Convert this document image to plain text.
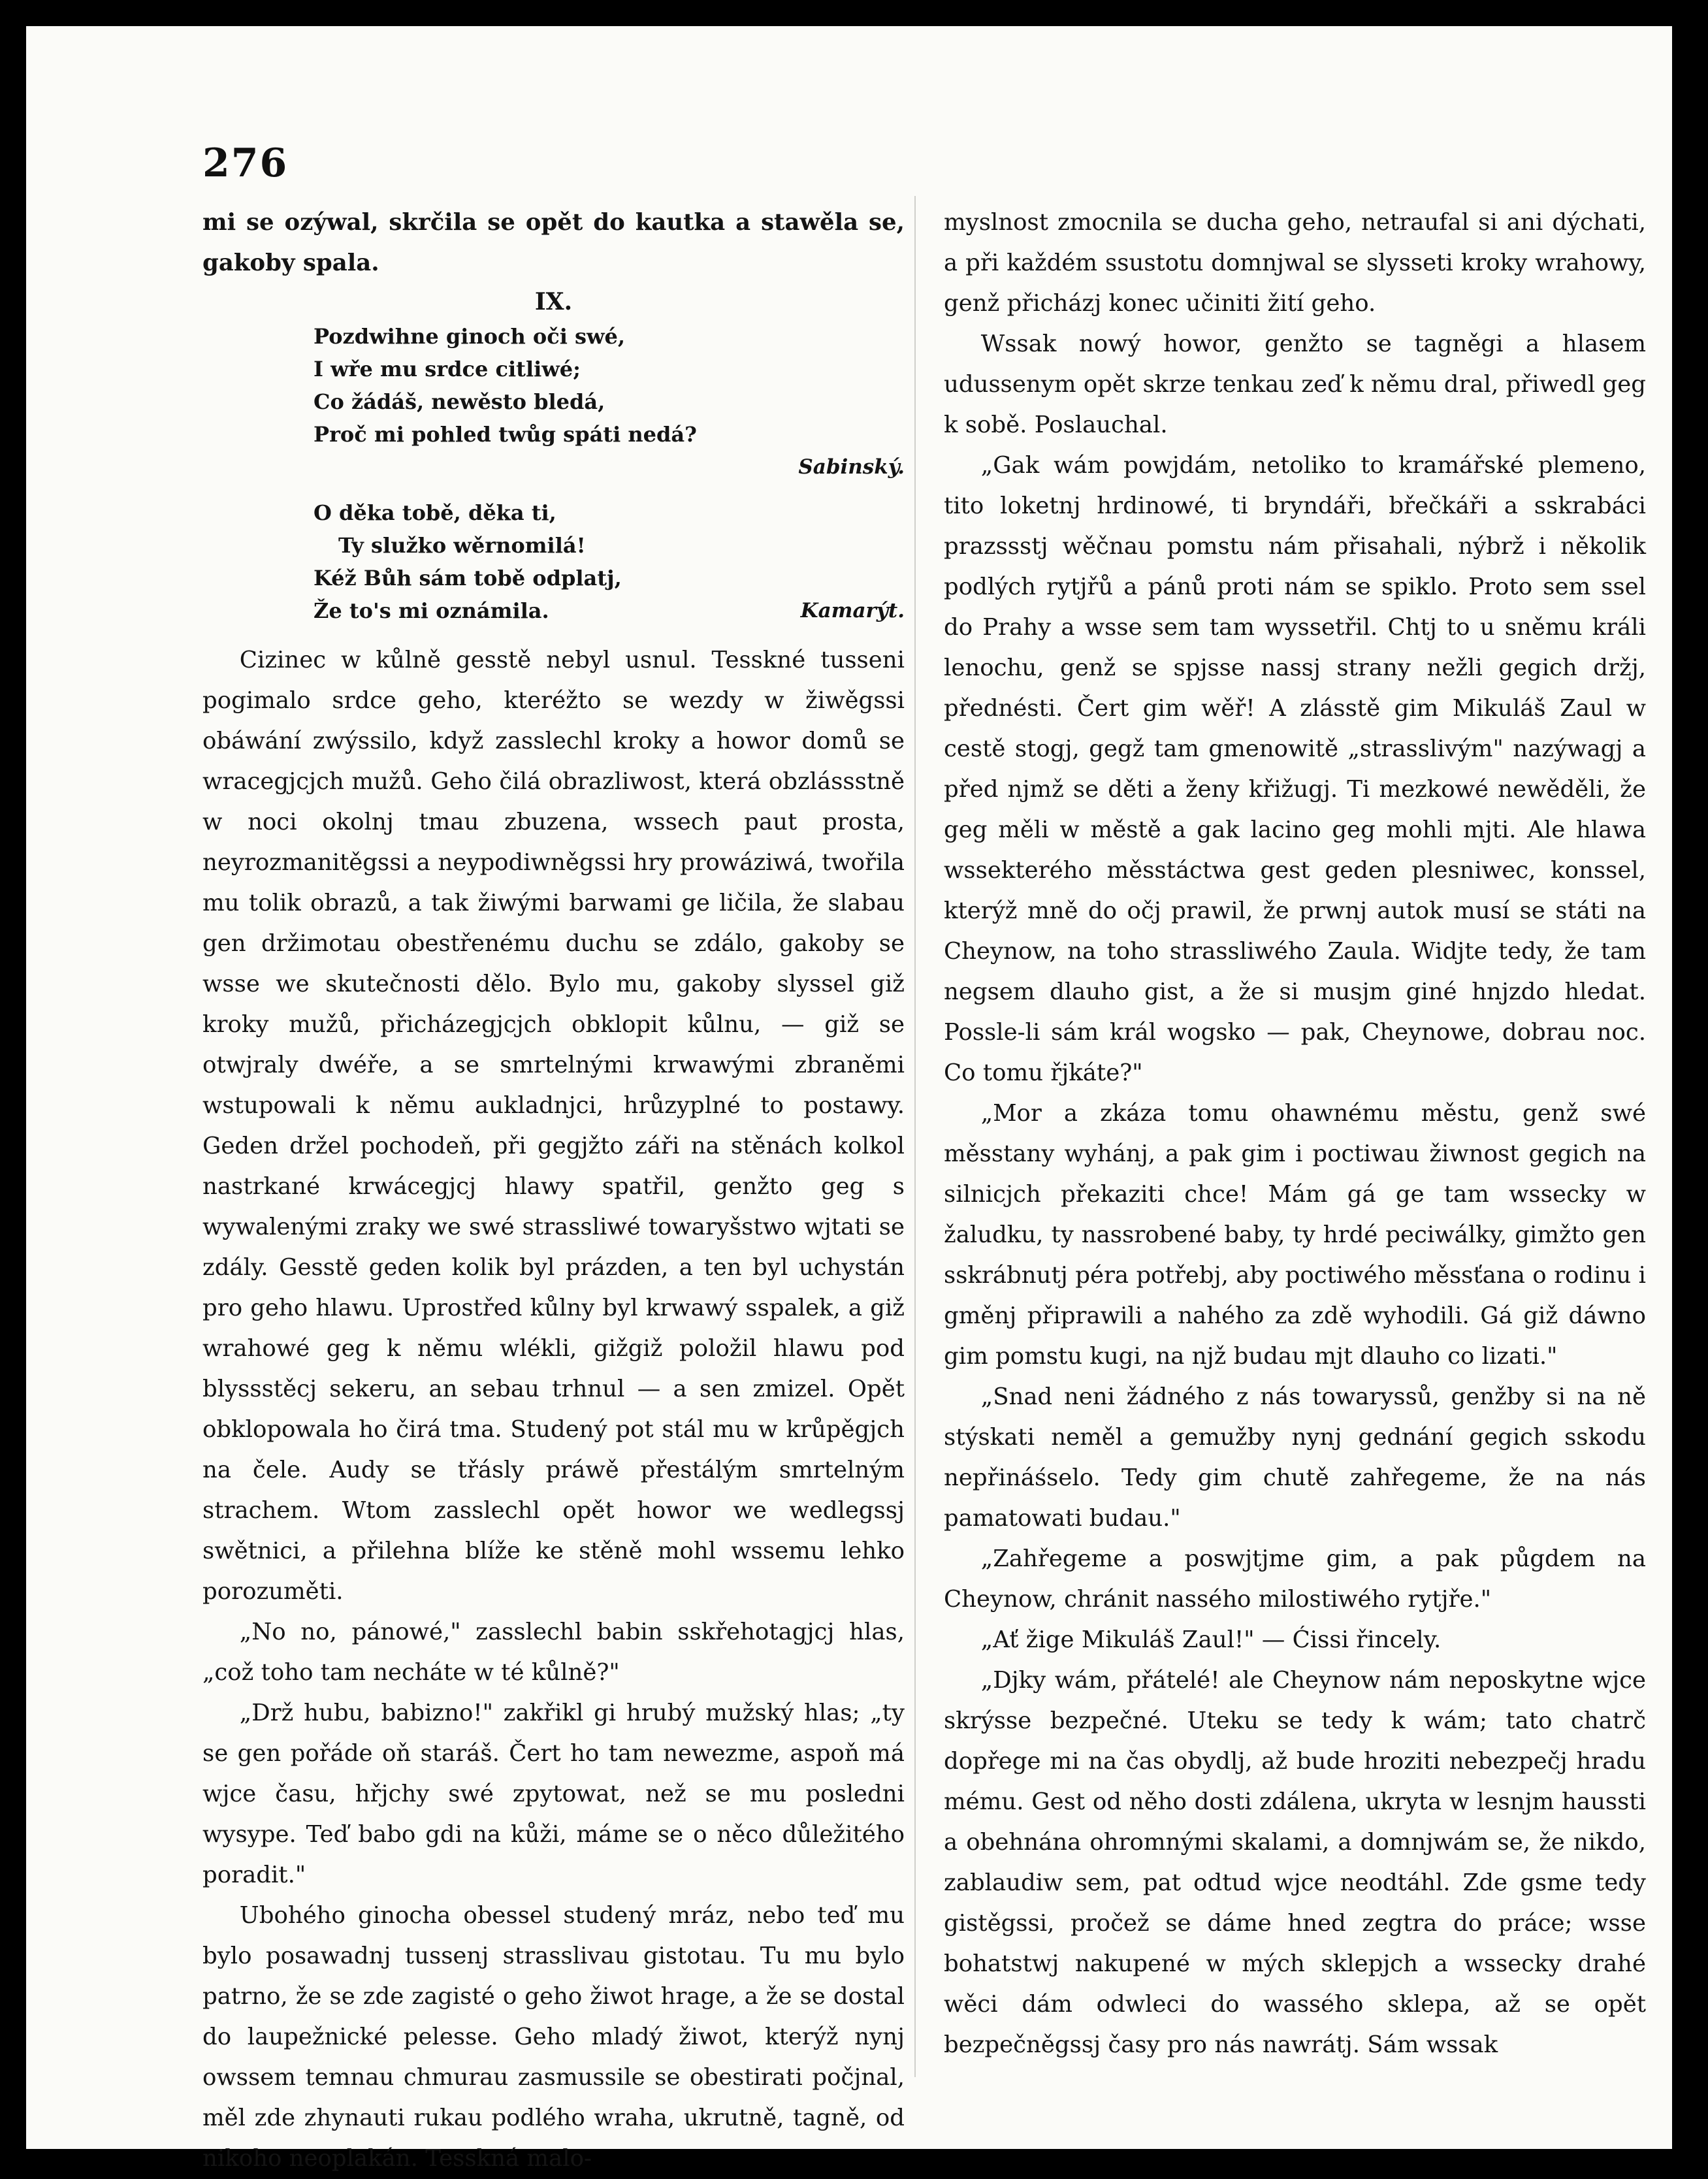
276

mi se ozýwal, skrčila se opět do kautka a stawěla se, gakoby spala.

IX.

Pozdwihne ginoch oči swé,
I wře mu srdce citliwé;
Co žádáš, newěsto bledá,
Proč mi pohled twůg spáti nedá?
Sabinský.
O děka tobě, děka ti,
Ty služko wěrnomilá!
Kéž Bůh sám tobě odplatj,
Že to's mi oznámila.	Kamarýt.

Cizinec w kůlně gesstě nebyl usnul. Tesskné tusseni pogimalo srdce geho, kteréžto se wezdy w žiwěgssi obáwání zwýssilo, když zasslechl kroky a howor domů se wracegjcjch mužů. Geho čilá obrazliwost, která obzlássstně w noci okolnj tmau zbuzena, wssech paut prosta, neyrozmanitěgssi a neypodiwněgssi hry prowáziwá, twořila mu tolik obrazů, a tak žiwými barwami ge ličila, že slabau gen držimotau obestřenému duchu se zdálo, gakoby se wsse we skutečnosti dělo. Bylo mu, gakoby slyssel giž kroky mužů, přicházegjcjch obklopit kůlnu, — giž se otwjraly dwéře, a se smrtelnými krwawými zbraněmi wstupowali k němu aukladnjci, hrůzyplné to postawy. Geden držel pochodeň, při gegjžto záři na stěnách kolkol nastrkané krwácegjcj hlawy spatřil, genžto geg s wywalenými zraky we swé strassliwé towaryšstwo wjtati se zdály. Gesstě geden kolik byl prázden, a ten byl uchystán pro geho hlawu. Uprostřed kůlny byl krwawý sspalek, a giž wrahowé geg k němu wlékli, gižgiž položil hlawu pod blyssstěcj sekeru, an sebau trhnul — a sen zmizel. Opět obklopowala ho čirá tma. Studený pot stál mu w krůpěgjch na čele. Audy se třásly práwě přestálým smrtelným strachem. Wtom zasslechl opět howor we wedlegssj swětnici, a přilehna blíže ke stěně mohl wssemu lehko porozuměti.

„No no, pánowé," zasslechl babin sskřehotagjcj hlas, „což toho tam necháte w té kůlně?"

„Drž hubu, babizno!" zakřikl gi hrubý mužský hlas; „ty se gen pořáde oň staráš. Čert ho tam newezme, aspoň má wjce času, hřjchy swé zpytowat, než se mu posledni wysype. Teď babo gdi na kůži, máme se o něco důležitého poradit."

Ubohého ginocha obessel studený mráz, nebo teď mu bylo posawadnj tussenj strasslivau gistotau. Tu mu bylo patrno, že se zde zagisté o geho žiwot hrage, a že se dostal do laupežnické pelesse. Geho mladý žiwot, kterýž nynj owssem temnau chmurau zasmussile se obestirati počjnal, měl zde zhynauti rukau podlého wraha, ukrutně, tagně, od nikoho neoplakán. Tesskná malo-

myslnost zmocnila se ducha geho, netraufal si ani dýchati, a při každém ssustotu domnjwal se slysseti kroky wrahowy, genž přicházj konec učiniti žití geho.

Wssak nowý howor, genžto se tagněgi a hlasem udussenym opět skrze tenkau zeď k němu dral, přiwedl geg k sobě. Poslauchal.

„Gak wám powjdám, netoliko to kramářské plemeno, tito loketnj hrdinowé, ti bryndáři, břečkáři a sskrabáci prazssstj wěčnau pomstu nám přisahali, nýbrž i několik podlých rytjřů a pánů proti nám se spiklo. Proto sem ssel do Prahy a wsse sem tam wyssetřil. Chtj to u sněmu králi lenochu, genž se spjsse nassj strany nežli gegich držj, přednésti. Čert gim wěř! A zlásstě gim Mikuláš Zaul w cestě stogj, gegž tam gmenowitě „strasslivým" nazýwagj a před njmž se děti a ženy křižugj. Ti mezkowé newěděli, že geg měli w městě a gak lacino geg mohli mjti. Ale hlawa wssekterého měsstáctwa gest geden plesniwec, konssel, kterýž mně do očj prawil, že prwnj autok musí se státi na Cheynow, na toho strassliwého Zaula. Widjte tedy, že tam negsem dlauho gist, a že si musjm giné hnjzdo hledat. Possle-li sám král wogsko — pak, Cheynowe, dobrau noc. Co tomu řjkáte?"

„Mor a zkáza tomu ohawnému městu, genž swé měsstany wyhánj, a pak gim i poctiwau žiwnost gegich na silnicjch překaziti chce! Mám gá ge tam wssecky w žaludku, ty nassrobené baby, ty hrdé peciwálky, gimžto gen sskrábnutj péra potřebj, aby poctiwého měssťana o rodinu i gměnj připrawili a nahého za zdě wyhodili. Gá giž dáwno gim pomstu kugi, na njž budau mjt dlauho co lizati."

„Snad neni žádného z nás towaryssů, genžby si na ně stýskati neměl a gemužby nynj gednání gegich sskodu nepřináśselo. Tedy gim chutě zahřegeme, že na nás pamatowati budau."

„Zahřegeme a poswjtjme gim, a pak půgdem na Cheynow, chránit nassého milostiwého rytjře."

„Ať žige Mikuláš Zaul!" — Ćissi řincely.

„Djky wám, přátelé! ale Cheynow nám neposkytne wjce skrýsse bezpečné. Uteku se tedy k wám; tato chatrč dopřege mi na čas obydlj, až bude hroziti nebezpečj hradu mému. Gest od něho dosti zdálena, ukryta w lesnjm haussti a obehnána ohromnými skalami, a domnjwám se, že nikdo, zablaudiw sem, pat odtud wjce neodtáhl. Zde gsme tedy gistěgssi, pročež se dáme hned zegtra do práce; wsse bohatstwj nakupené w mých sklepjch a wssecky drahé wěci dám odwleci do wassého sklepa, až se opět bezpečněgssj časy pro nás nawrátj. Sám wssak
